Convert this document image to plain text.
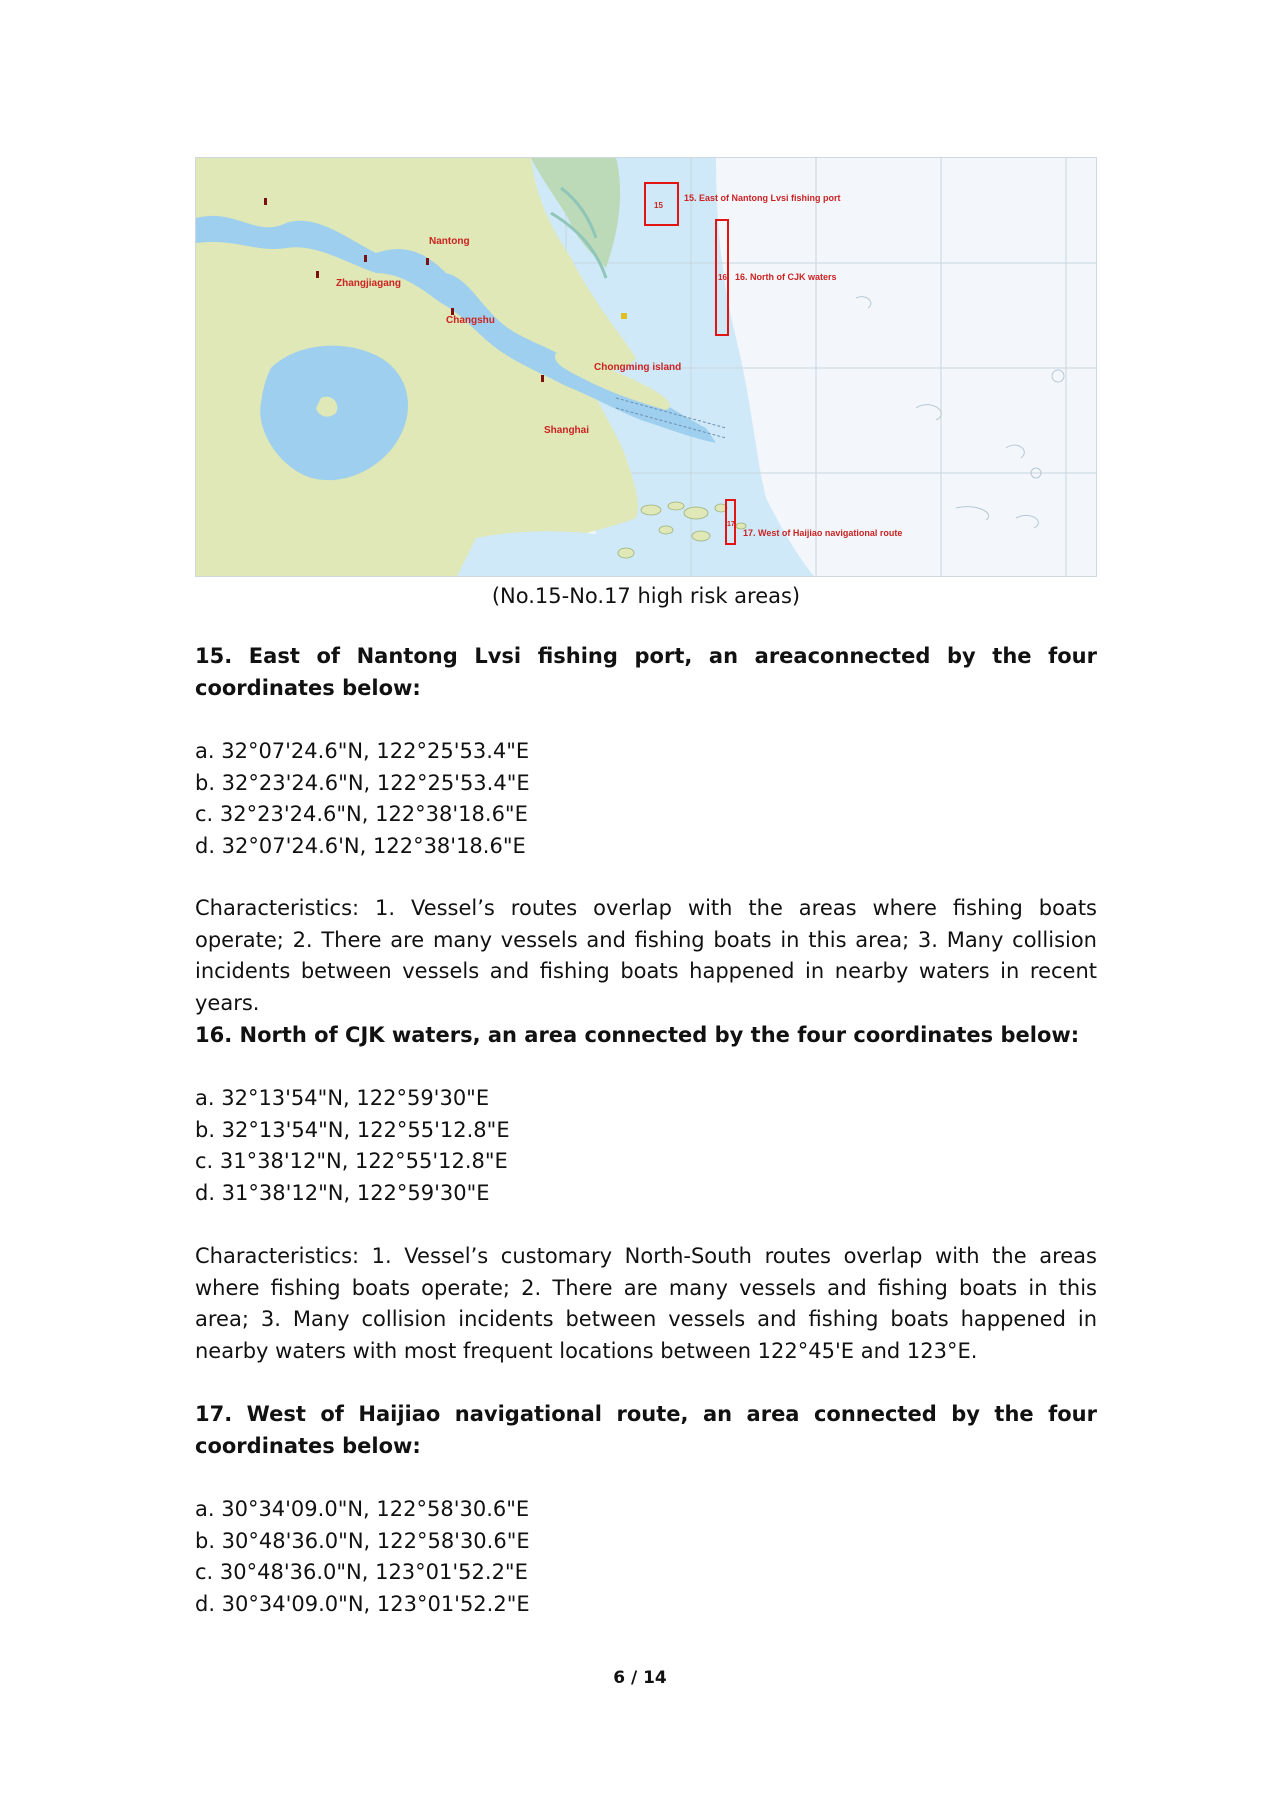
Nantong
Zhangjiagang
Changshu
Chongming island
Shanghai
15
15. East of Nantong Lvsi fishing port
16 16. North of CJK waters
17
17. West of Haijiao navigational route
(No.15-No.17 high risk areas)
15. East of Nantong Lvsi fishing port, an areaconnected by the four coordinates below:
a. 32°07'24.6"N, 122°25'53.4"E
b. 32°23'24.6"N, 122°25'53.4"E
c. 32°23'24.6"N, 122°38'18.6"E
d. 32°07'24.6'N, 122°38'18.6"E
Characteristics: 1. Vessel’s routes overlap with the areas where fishing boats operate; 2. There are many vessels and fishing boats in this area; 3. Many collision incidents between vessels and fishing boats happened in nearby waters in recent years.
16. North of CJK waters, an area connected by the four coordinates below:
a. 32°13'54"N, 122°59'30"E
b. 32°13'54"N, 122°55'12.8"E
c. 31°38'12"N, 122°55'12.8"E
d. 31°38'12"N, 122°59'30"E
Characteristics: 1. Vessel’s customary North-South routes overlap with the areas where fishing boats operate; 2. There are many vessels and fishing boats in this area; 3. Many collision incidents between vessels and fishing boats happened in nearby waters with most frequent locations between 122°45'E and 123°E.
17. West of Haijiao navigational route, an area connected by the four coordinates below:
a. 30°34'09.0"N, 122°58'30.6"E
b. 30°48'36.0"N, 122°58'30.6"E
c. 30°48'36.0"N, 123°01'52.2"E
d. 30°34'09.0"N, 123°01'52.2"E
6 / 14
